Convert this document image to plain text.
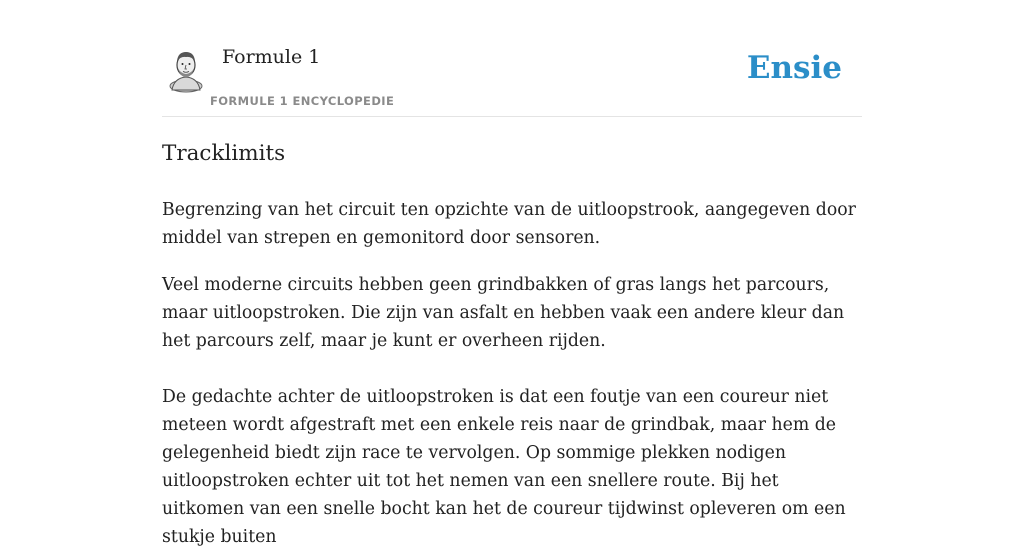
Formule 1
FORMULE 1 ENCYCLOPEDIE
Ensie
Tracklimits

Begrenzing van het circuit ten opzichte van de uitloopstrook, aangegeven door middel van strepen en gemonitord door sensoren.

Veel moderne circuits hebben geen grindbakken of gras langs het parcours, maar uitloopstroken. Die zijn van asfalt en hebben vaak een andere kleur dan het parcours zelf, maar je kunt er overheen rijden.

De gedachte achter de uitloopstroken is dat een foutje van een coureur niet meteen wordt afgestraft met een enkele reis naar de grindbak, maar hem de gelegenheid biedt zijn race te vervolgen. Op sommige plekken nodigen uitloopstroken echter uit tot het nemen van een snellere route. Bij het uitkomen van een snelle bocht kan het de coureur tijdwinst opleveren om een stukje buiten
